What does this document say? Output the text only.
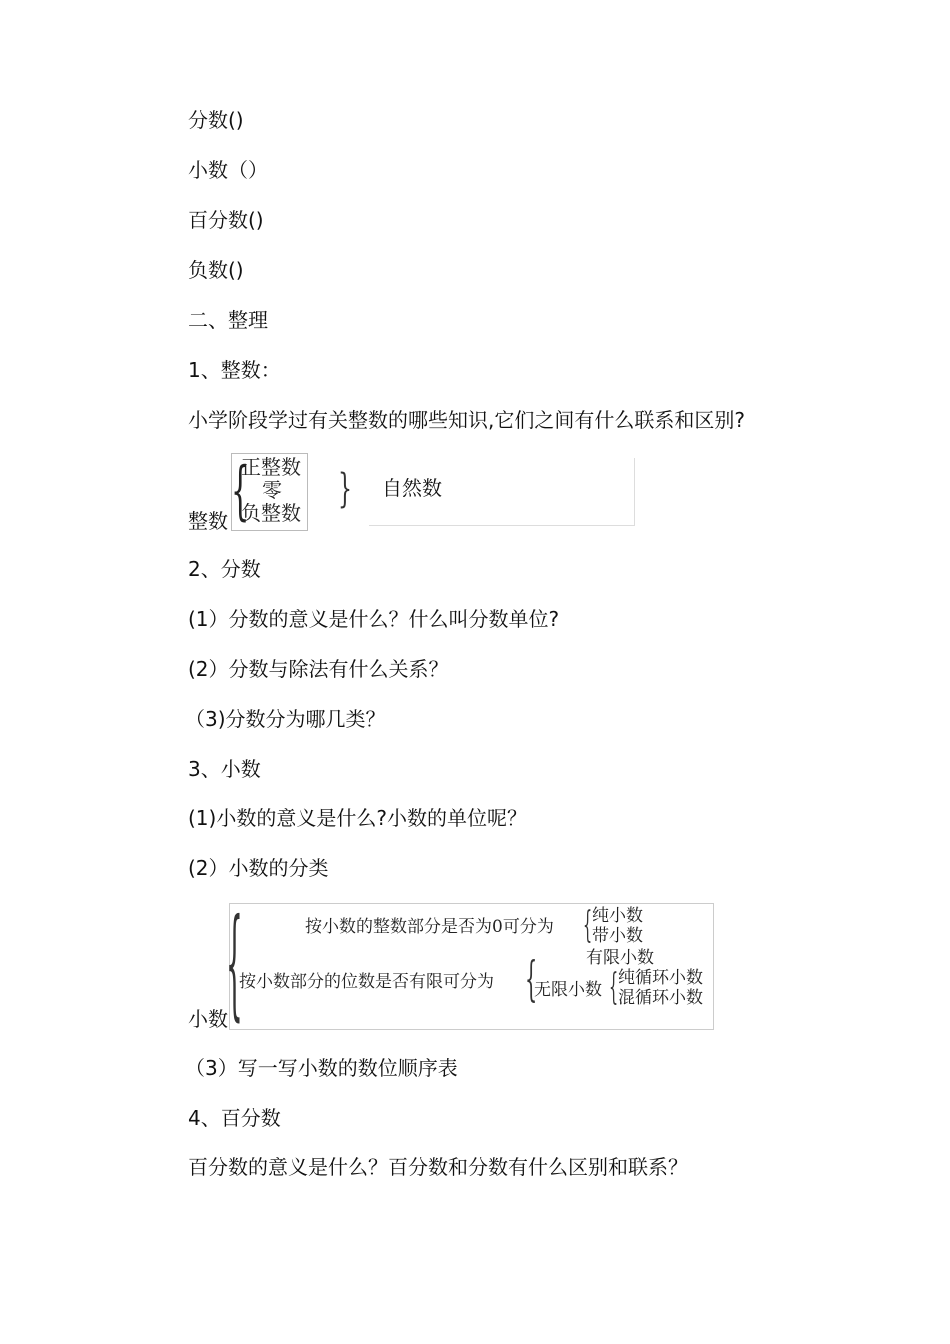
分数()
小数（）
百分数()
负数()
二、整理
1、整数：
小学阶段学过有关整数的哪些知识,它们之间有什么联系和区别?
整数 {
正整数
零
负整数
} 自然数
2、分数
(1）分数的意义是什么？什么叫分数单位?
(2）分数与除法有什么关系？
（3)分数分为哪几类？
3、小数
(1)小数的意义是什么?小数的单位呢？
(2）小数的分类
小数
{	按小数的整数部分是否为0可分为 { 纯小数
带小数
有限小数
按小数部分的位数是否有限可分为 {
无限小数 { 纯循环小数
混循环小数
（3）写一写小数的数位顺序表
4、百分数
百分数的意义是什么？百分数和分数有什么区别和联系？
